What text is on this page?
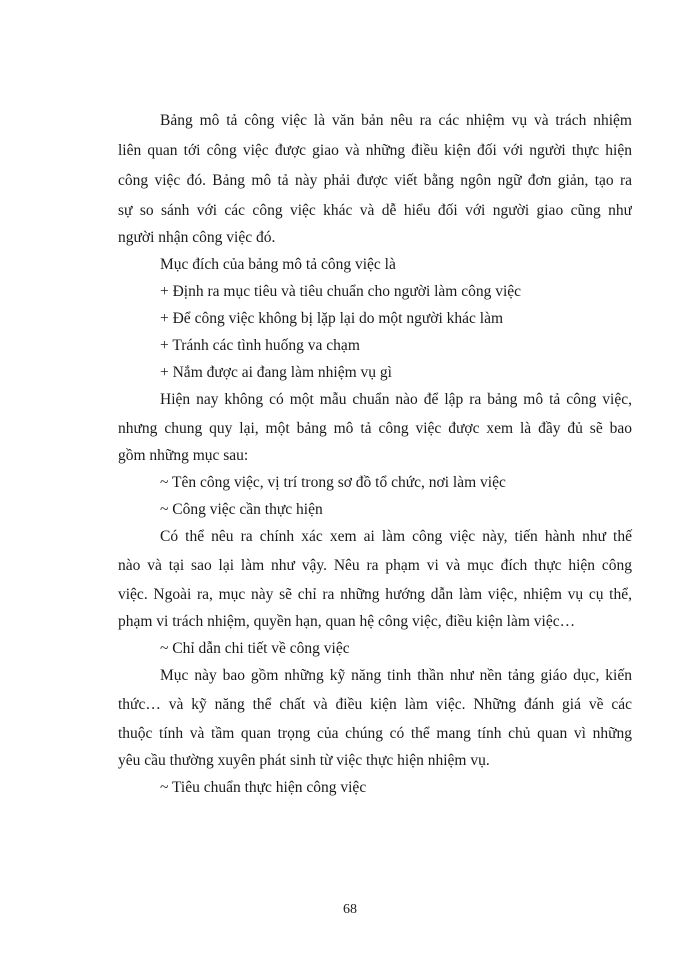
Bảng mô tả công việc là văn bản nêu ra các nhiệm vụ và trách nhiệm
liên quan tới công việc được giao và những điều kiện đối với người thực hiện
công việc đó. Bảng mô tả này phải được viết bằng ngôn ngữ đơn giản, tạo ra
sự so sánh với các công việc khác và dễ hiểu đối với người giao cũng như
người nhận công việc đó.
Mục đích của bảng mô tả công việc là
+ Định ra mục tiêu và tiêu chuẩn cho người làm công việc
+ Để công việc không bị lặp lại do một người khác làm
+ Tránh các tình huống va chạm
+ Nắm được ai đang làm nhiệm vụ gì
Hiện nay không có một mẫu chuẩn nào để lập ra bảng mô tả công việc,
nhưng chung quy lại, một bảng mô tả công việc được xem là đầy đủ sẽ bao
gồm những mục sau:
~ Tên công việc, vị trí trong sơ đồ tổ chức, nơi làm việc
~ Công việc cần thực hiện
Có thể nêu ra chính xác xem ai làm công việc này, tiến hành như thế
nào và tại sao lại làm như vậy. Nêu ra phạm vi và mục đích thực hiện công
việc. Ngoài ra, mục này sẽ chỉ ra những hướng dẫn làm việc, nhiệm vụ cụ thể,
phạm vi trách nhiệm, quyền hạn, quan hệ công việc, điều kiện làm việc…
~ Chỉ dẫn chi tiết về công việc
Mục này bao gồm những kỹ năng tinh thần như nền tảng giáo dục, kiến
thức… và kỹ năng thể chất và điều kiện làm việc. Những đánh giá về các
thuộc tính và tầm quan trọng của chúng có thể mang tính chủ quan vì những
yêu cầu thường xuyên phát sinh từ việc thực hiện nhiệm vụ.
~ Tiêu chuẩn thực hiện công việc
68
